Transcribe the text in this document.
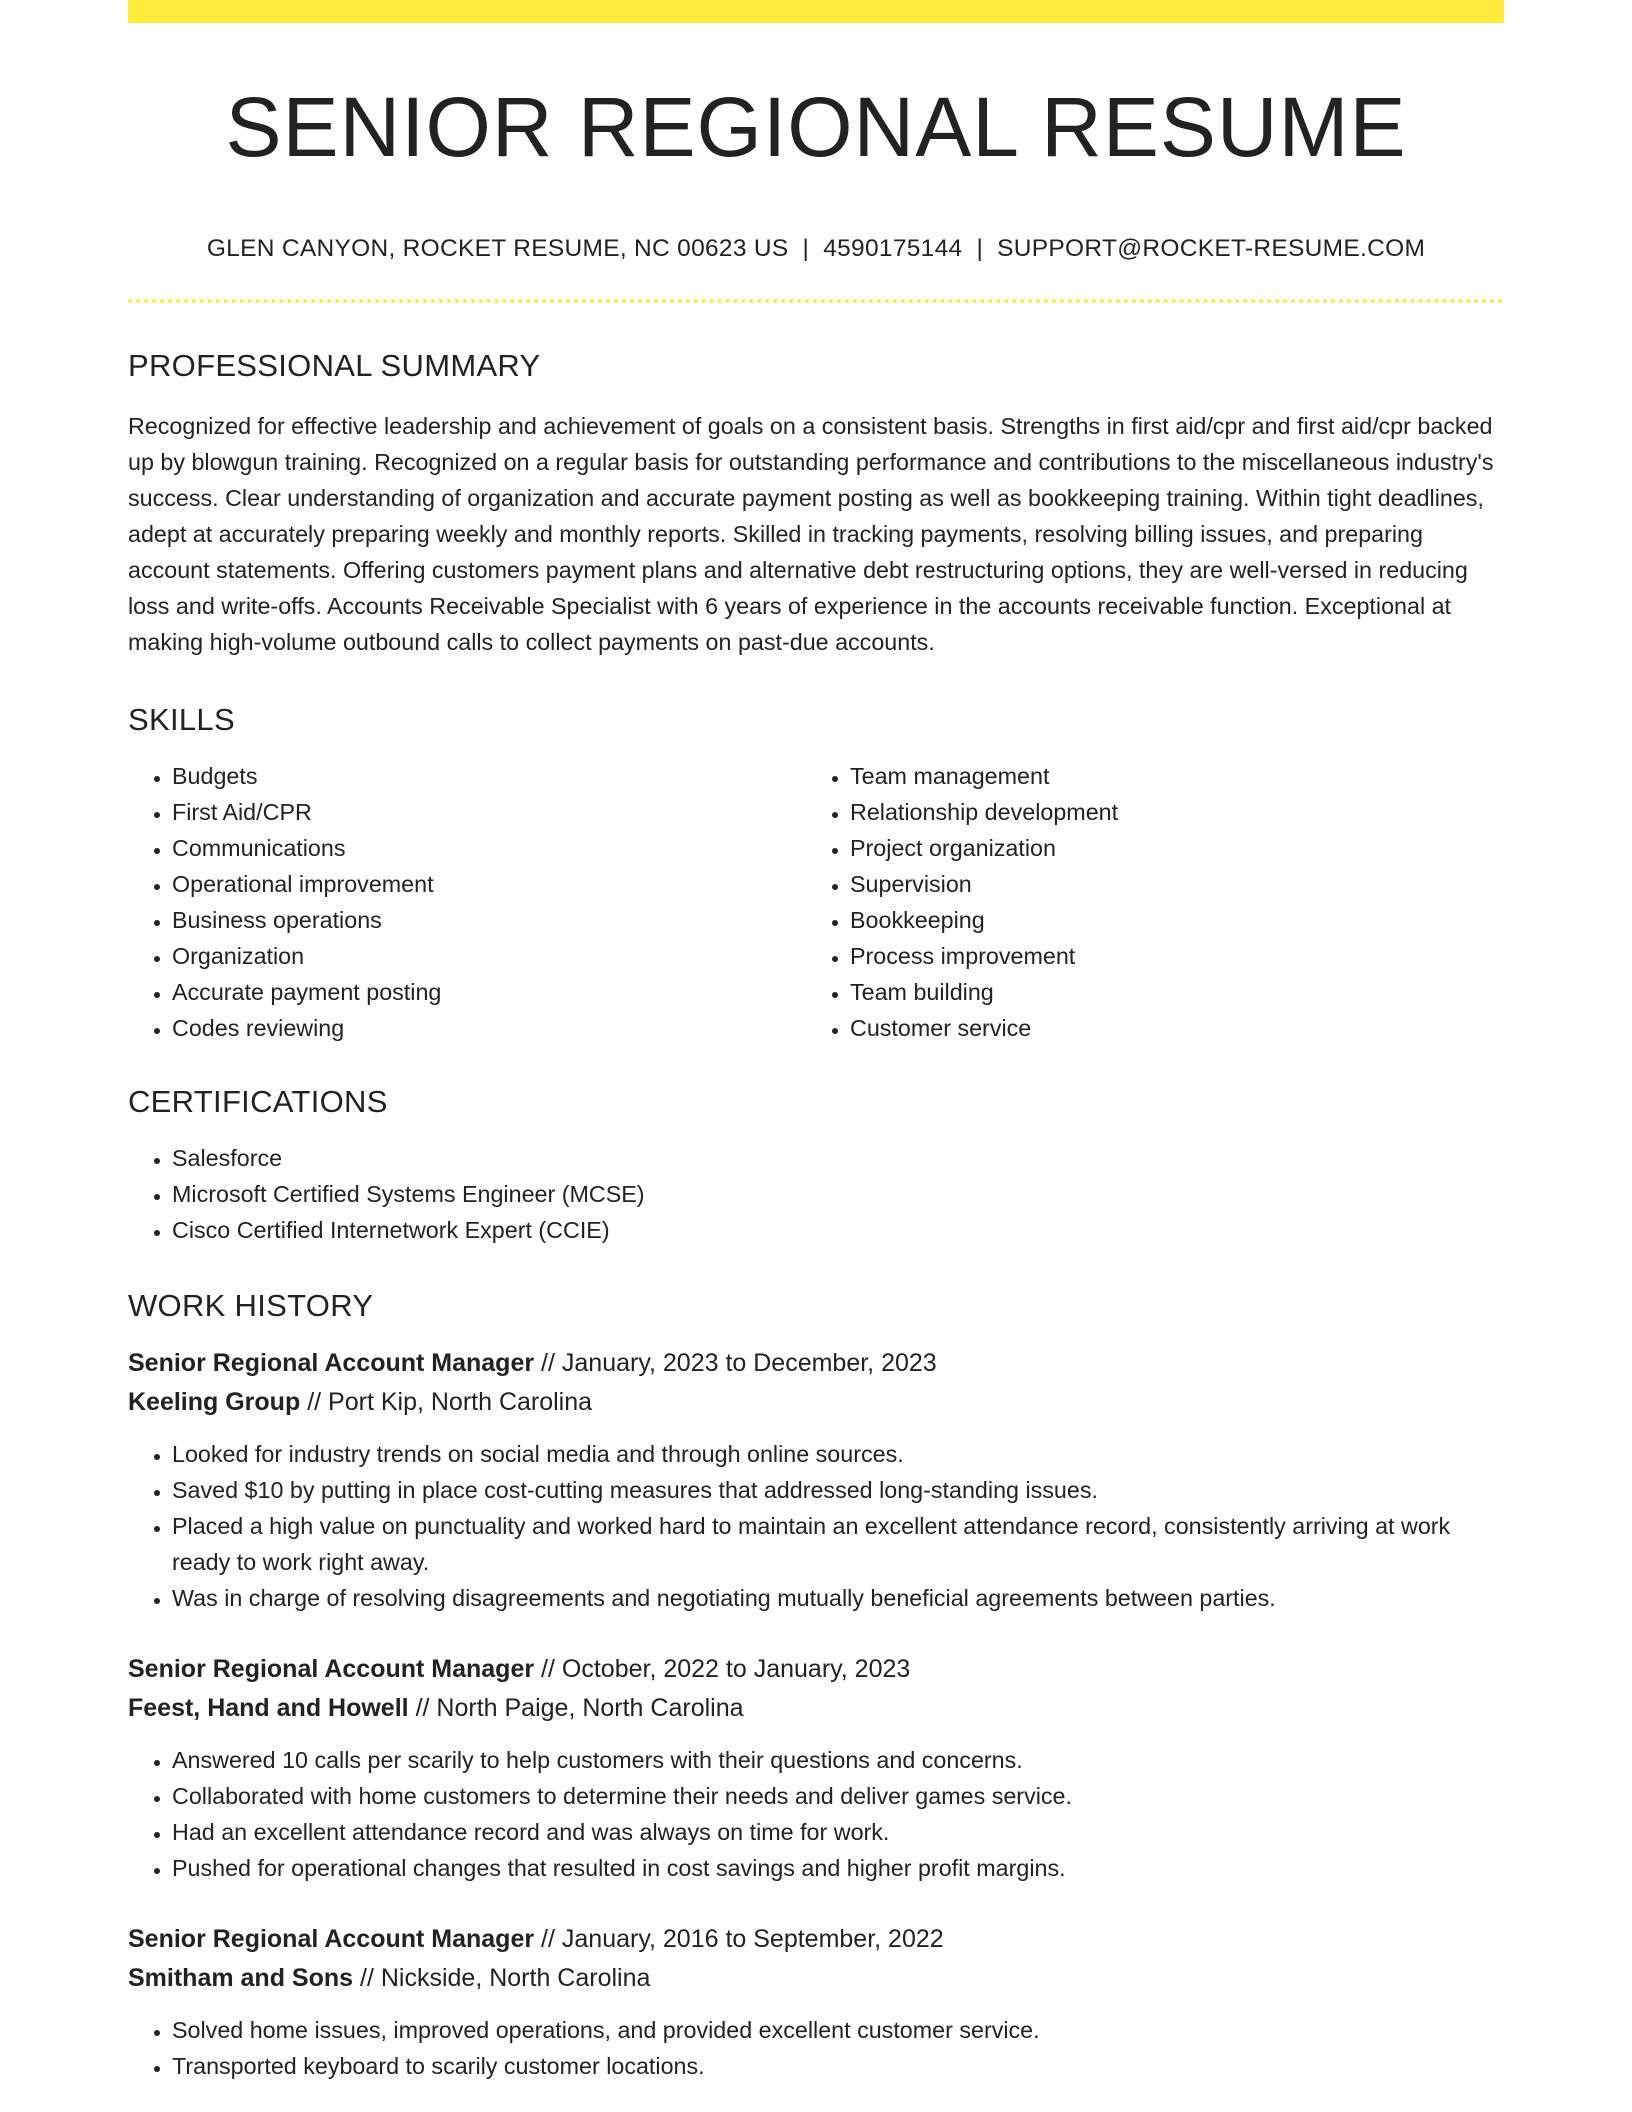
SENIOR REGIONAL RESUME
GLEN CANYON, ROCKET RESUME, NC 00623 US | 4590175144 | SUPPORT@ROCKET-RESUME.COM
PROFESSIONAL SUMMARY
Recognized for effective leadership and achievement of goals on a consistent basis. Strengths in first aid/cpr and first aid/cpr backed up by blowgun training. Recognized on a regular basis for outstanding performance and contributions to the miscellaneous industry's success. Clear understanding of organization and accurate payment posting as well as bookkeeping training. Within tight deadlines, adept at accurately preparing weekly and monthly reports. Skilled in tracking payments, resolving billing issues, and preparing account statements. Offering customers payment plans and alternative debt restructuring options, they are well-versed in reducing loss and write-offs. Accounts Receivable Specialist with 6 years of experience in the accounts receivable function. Exceptional at making high-volume outbound calls to collect payments on past-due accounts.
SKILLS
• Budgets
• First Aid/CPR
• Communications
• Operational improvement
• Business operations
• Organization
• Accurate payment posting
• Codes reviewing
• Team management
• Relationship development
• Project organization
• Supervision
• Bookkeeping
• Process improvement
• Team building
• Customer service
CERTIFICATIONS
• Salesforce
• Microsoft Certified Systems Engineer (MCSE)
• Cisco Certified Internetwork Expert (CCIE)
WORK HISTORY
Senior Regional Account Manager // January, 2023 to December, 2023
Keeling Group // Port Kip, North Carolina
• Looked for industry trends on social media and through online sources.
• Saved $10 by putting in place cost-cutting measures that addressed long-standing issues.
• Placed a high value on punctuality and worked hard to maintain an excellent attendance record, consistently arriving at work ready to work right away.
• Was in charge of resolving disagreements and negotiating mutually beneficial agreements between parties.
Senior Regional Account Manager // October, 2022 to January, 2023
Feest, Hand and Howell // North Paige, North Carolina
• Answered 10 calls per scarily to help customers with their questions and concerns.
• Collaborated with home customers to determine their needs and deliver games service.
• Had an excellent attendance record and was always on time for work.
• Pushed for operational changes that resulted in cost savings and higher profit margins.
Senior Regional Account Manager // January, 2016 to September, 2022
Smitham and Sons // Nickside, North Carolina
• Solved home issues, improved operations, and provided excellent customer service.
• Transported keyboard to scarily customer locations.
